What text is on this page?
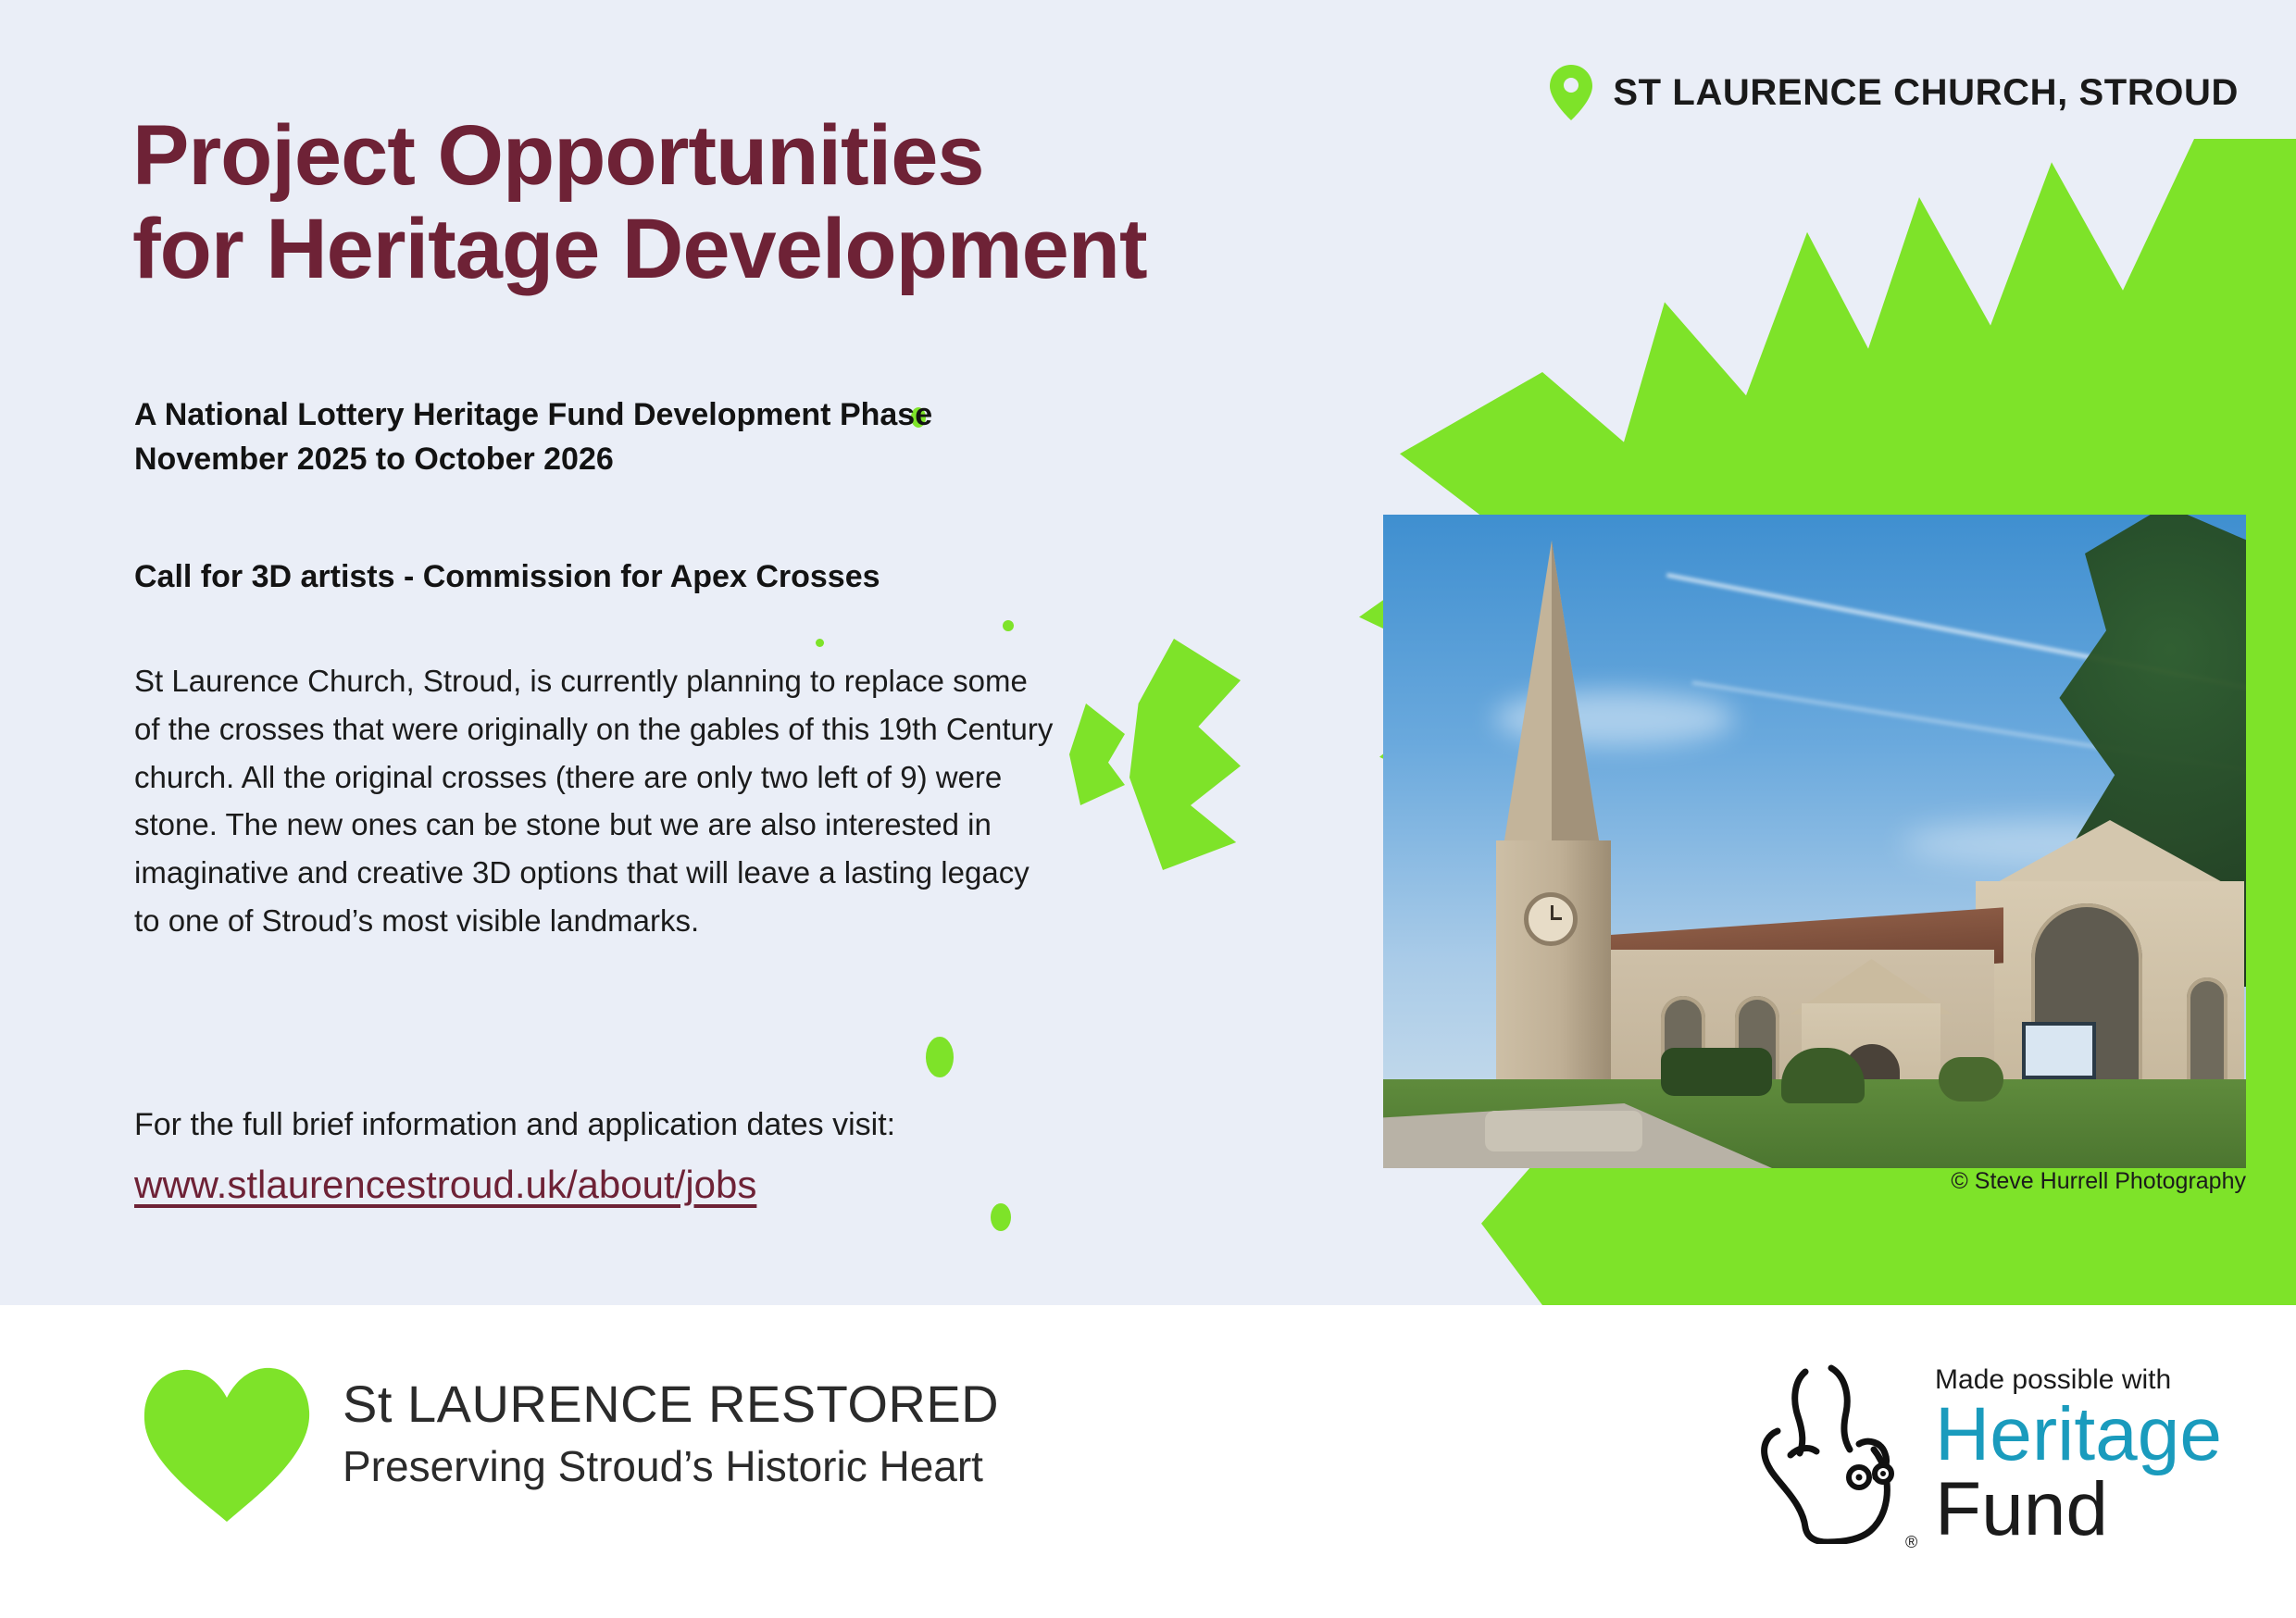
ST LAURENCE CHURCH, STROUD
Project Opportunities
for Heritage Development
A National Lottery Heritage Fund Development Phase
November 2025 to October 2026
Call for 3D artists - Commission for Apex Crosses

St Laurence Church, Stroud, is currently planning to replace some of the crosses that were originally on the gables of this 19th Century church. All the original crosses (there are only two left of 9) were stone. The new ones can be stone but we are also interested in imaginative and creative 3D options that will leave a lasting legacy to one of Stroud’s most visible landmarks.

For the full brief information and application dates visit:
www.stlaurencestroud.uk/about/jobs	© Steve Hurrell Photography
St LAURENCE RESTORED
Preserving Stroud’s Historic Heart
Made possible with
Heritage
Fund
®
